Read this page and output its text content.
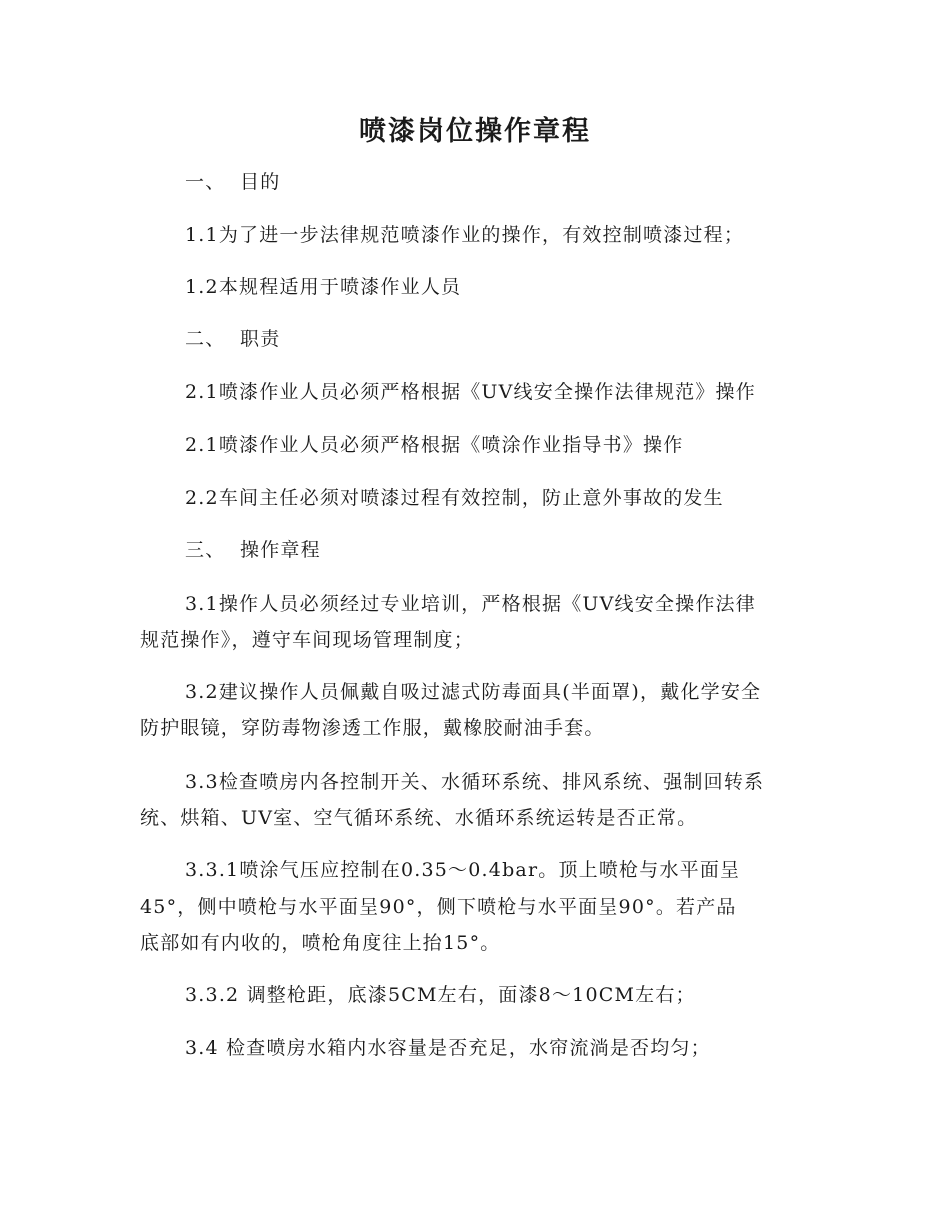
喷漆岗位操作章程
一、 目的
1.1为了进一步法律规范喷漆作业的操作，有效控制喷漆过程；
1.2本规程适用于喷漆作业人员
二、 职责
2.1喷漆作业人员必须严格根据《UV线安全操作法律规范》操作
2.1喷漆作业人员必须严格根据《喷涂作业指导书》操作
2.2车间主任必须对喷漆过程有效控制，防止意外事故的发生
三、 操作章程
3.1操作人员必须经过专业培训，严格根据《UV线安全操作法律
规范操作》，遵守车间现场管理制度；
3.2建议操作人员佩戴自吸过滤式防毒面具(半面罩)，戴化学安全
防护眼镜，穿防毒物渗透工作服，戴橡胶耐油手套。
3.3检查喷房内各控制开关、水循环系统、排风系统、强制回转系
统、烘箱、UV室、空气循环系统、水循环系统运转是否正常。
3.3.1喷涂气压应控制在0.35～0.4bar。顶上喷枪与水平面呈
45°，侧中喷枪与水平面呈90°，侧下喷枪与水平面呈90°。若产品
底部如有内收的，喷枪角度往上抬15°。
3.3.2 调整枪距，底漆5CM左右，面漆8～10CM左右；
3.4 检查喷房水箱内水容量是否充足，水帘流淌是否均匀；
